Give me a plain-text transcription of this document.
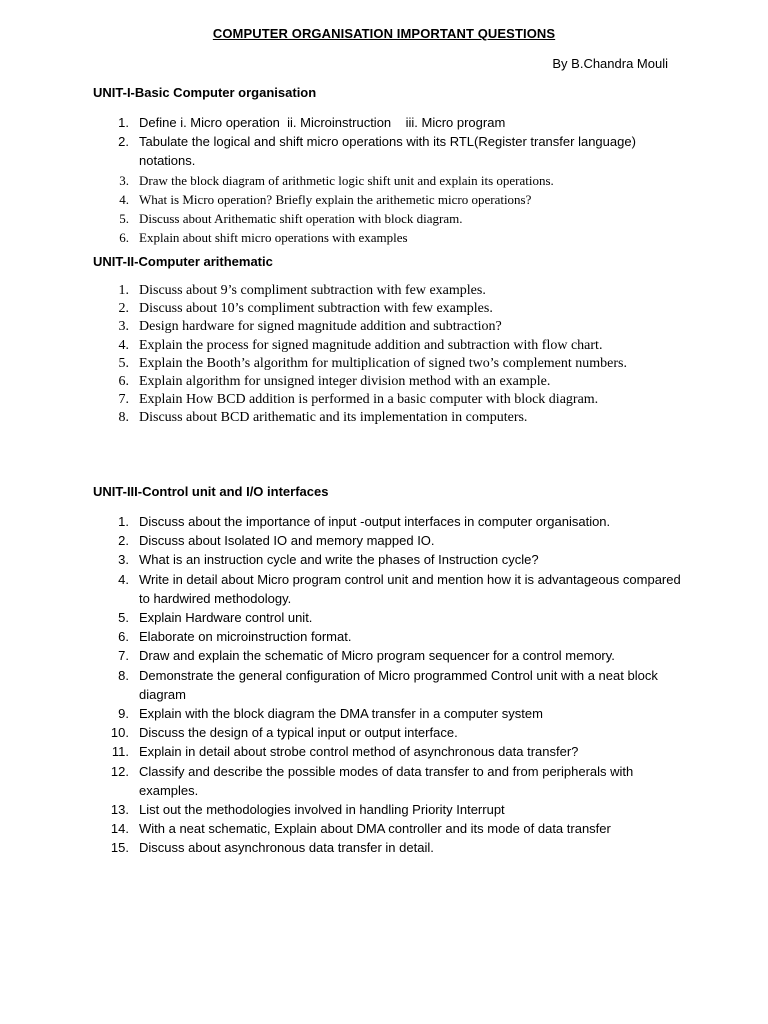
COMPUTER ORGANISATION IMPORTANT QUESTIONS
By B.Chandra Mouli
UNIT-I-Basic Computer organisation
1. Define i. Micro operation  ii. Microinstruction    iii. Micro program
2. Tabulate the logical and shift micro operations with its RTL(Register transfer language) notations.
3. Draw the block diagram of arithmetic logic shift unit and explain its operations.
4. What is Micro operation? Briefly explain the arithemetic micro operations?
5. Discuss about Arithematic shift operation with block diagram.
6. Explain about shift micro operations with examples
UNIT-II-Computer arithematic
1. Discuss about 9’s compliment subtraction with few examples.
2. Discuss about 10’s compliment subtraction with few examples.
3. Design hardware for signed magnitude addition and subtraction?
4. Explain the process for signed magnitude addition and subtraction with flow chart.
5. Explain the Booth’s algorithm for multiplication of signed two’s complement numbers.
6. Explain algorithm for unsigned integer division method with an example.
7. Explain How BCD addition is performed in a basic computer with block diagram.
8. Discuss about BCD arithematic and its implementation in computers.
UNIT-III-Control unit and I/O interfaces
1. Discuss about the importance of input -output interfaces in computer organisation.
2. Discuss about Isolated IO and memory mapped IO.
3. What is an instruction cycle and write the phases of Instruction cycle?
4. Write in detail about Micro program control unit and mention how it is advantageous compared to hardwired methodology.
5. Explain Hardware control unit.
6. Elaborate on microinstruction format.
7. Draw and explain the schematic of Micro program sequencer for a control memory.
8. Demonstrate the general configuration of Micro programmed Control unit with a neat block diagram
9. Explain with the block diagram the DMA transfer in a computer system
10. Discuss the design of a typical input or output interface.
11. Explain in detail about strobe control method of asynchronous data transfer?
12. Classify and describe the possible modes of data transfer to and from peripherals with examples.
13. List out the methodologies involved in handling Priority Interrupt
14. With a neat schematic, Explain about DMA controller and its mode of data transfer
15. Discuss about asynchronous data transfer in detail.
